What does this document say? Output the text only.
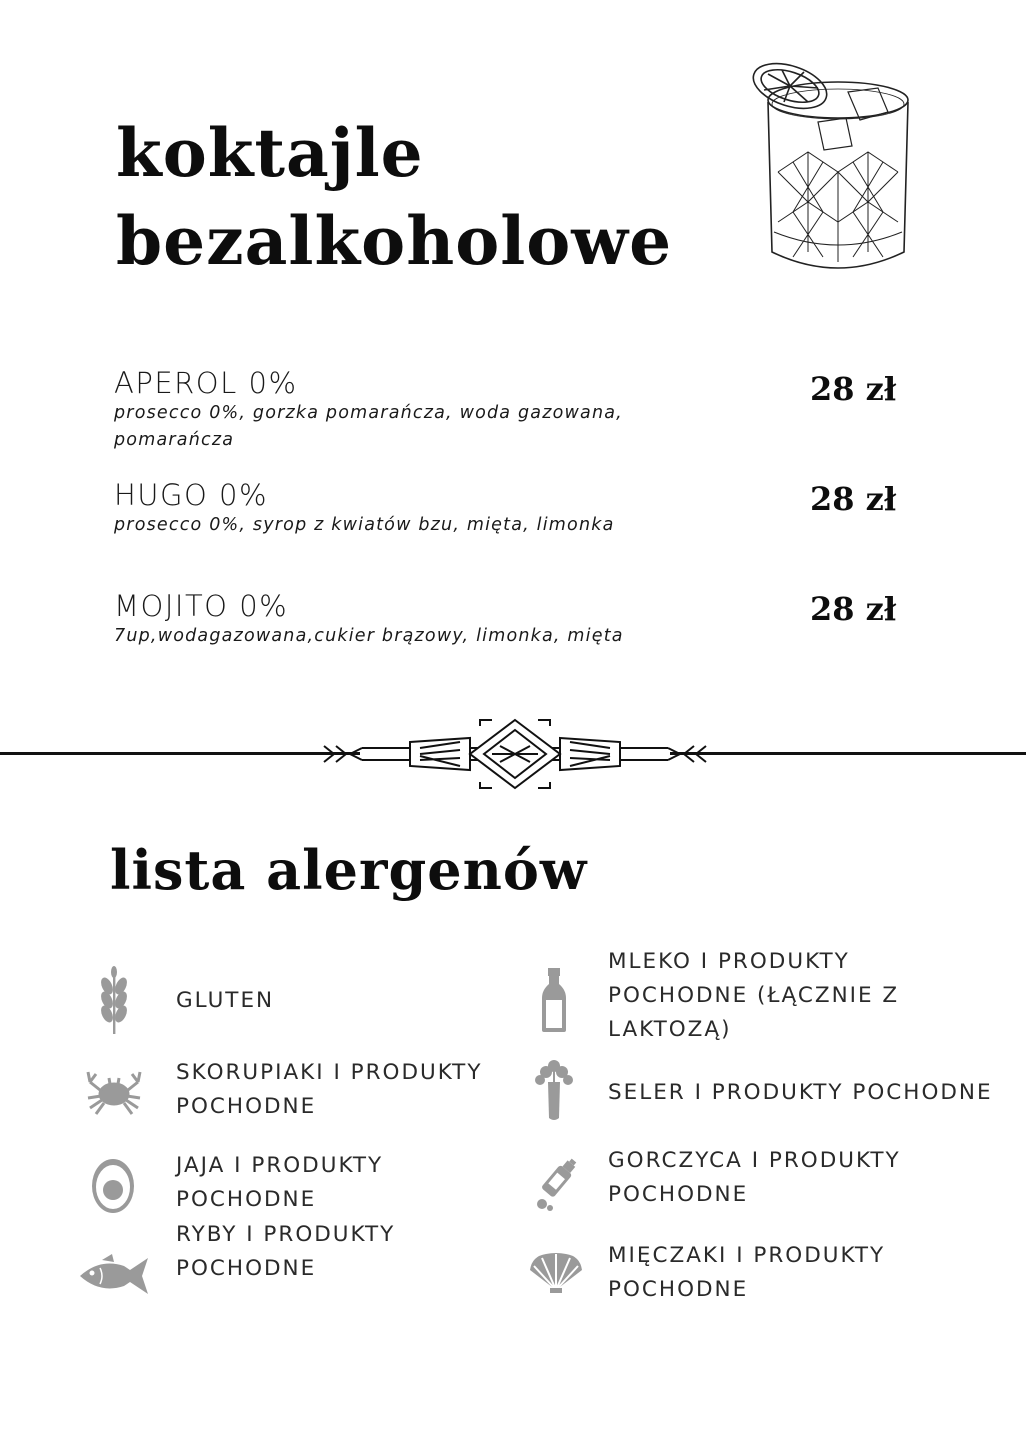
koktajle
bezalkoholowe
APEROL 0%
prosecco 0%, gorzka pomarańcza, woda gazowana, pomarańcza
28 zł
HUGO 0%
prosecco 0%, syrop z kwiatów bzu, mięta, limonka
28 zł
MOJITO 0%
7up,wodagazowana,cukier brązowy, limonka, mięta
28 zł
lista alergenów
GLUTEN
SKORUPIAKI I PRODUKTY POCHODNE
JAJA I PRODUKTY POCHODNE
RYBY I PRODUKTY POCHODNE
MLEKO I PRODUKTY POCHODNE (ŁĄCZNIE Z LAKTOZĄ)
SELER I PRODUKTY POCHODNE
GORCZYCA I PRODUKTY POCHODNE
MIĘCZAKI I PRODUKTY POCHODNE
